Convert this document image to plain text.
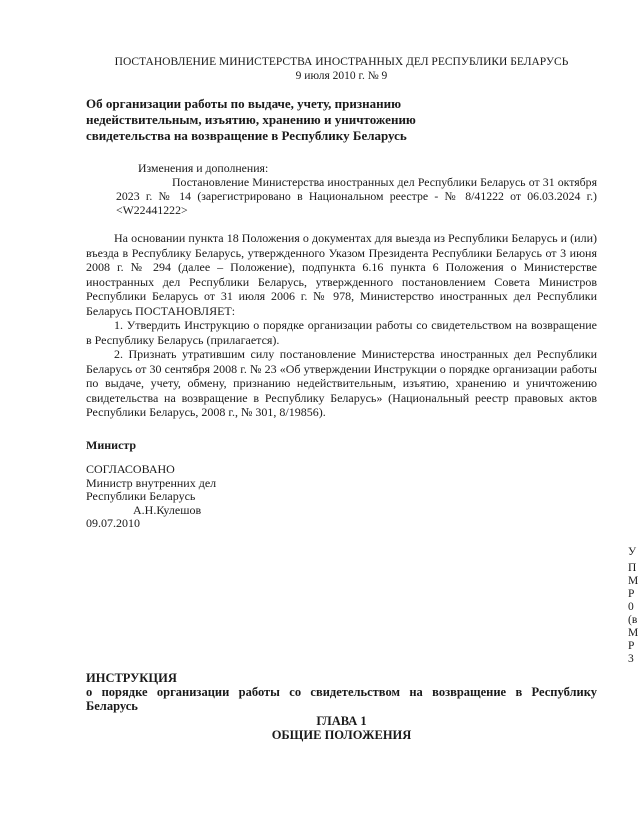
ПОСТАНОВЛЕНИЕ МИНИСТЕРСТВА ИНОСТРАННЫХ ДЕЛ РЕСПУБЛИКИ БЕЛАРУСЬ
9 июля 2010 г. № 9
Об организации работы по выдаче, учету, признанию
недействительным, изъятию, хранению и уничтожению
свидетельства на возвращение в Республику Беларусь
Изменения и дополнения:
Постановление Министерства иностранных дел Республики Беларусь от 31 октября 2023 г. № 14 (зарегистрировано в Национальном реестре - № 8/41222 от 06.03.2024 г.) <W22441222>

На основании пункта 18 Положения о документах для выезда из Республики Беларусь и (или) въезда в Республику Беларусь, утвержденного Указом Президента Республики Беларусь от 3 июня 2008 г. № 294 (далее – Положение), подпункта 6.16 пункта 6 Положения о Министерстве иностранных дел Республики Беларусь, утвержденного постановлением Совета Министров Республики Беларусь от 31 июля 2006 г. № 978, Министерство иностранных дел Республики Беларусь ПОСТАНОВЛЯЕТ:

1. Утвердить Инструкцию о порядке организации работы со свидетельством на возвращение в Республику Беларусь (прилагается).

2. Признать утратившим силу постановление Министерства иностранных дел Республики Беларусь от 30 сентября 2008 г. № 23 «Об утверждении Инструкции о порядке организации работы по выдаче, учету, обмену, признанию недействительным, изъятию, хранению и уничтожению свидетельства на возвращение в Республику Беларусь» (Национальный реестр правовых актов Республики Беларусь, 2008 г., № 301, 8/19856).

Министр
СОГЛАСОВАНО
Министр внутренних дел
Республики Беларусь
А.Н.Кулешов
09.07.2010
У
П
М
Р
0
(в
М
Р
3
ИНСТРУКЦИЯ
о порядке организации работы со свидетельством на возвращение в Республику
Беларусь
ГЛАВА 1
ОБЩИЕ ПОЛОЖЕНИЯ
